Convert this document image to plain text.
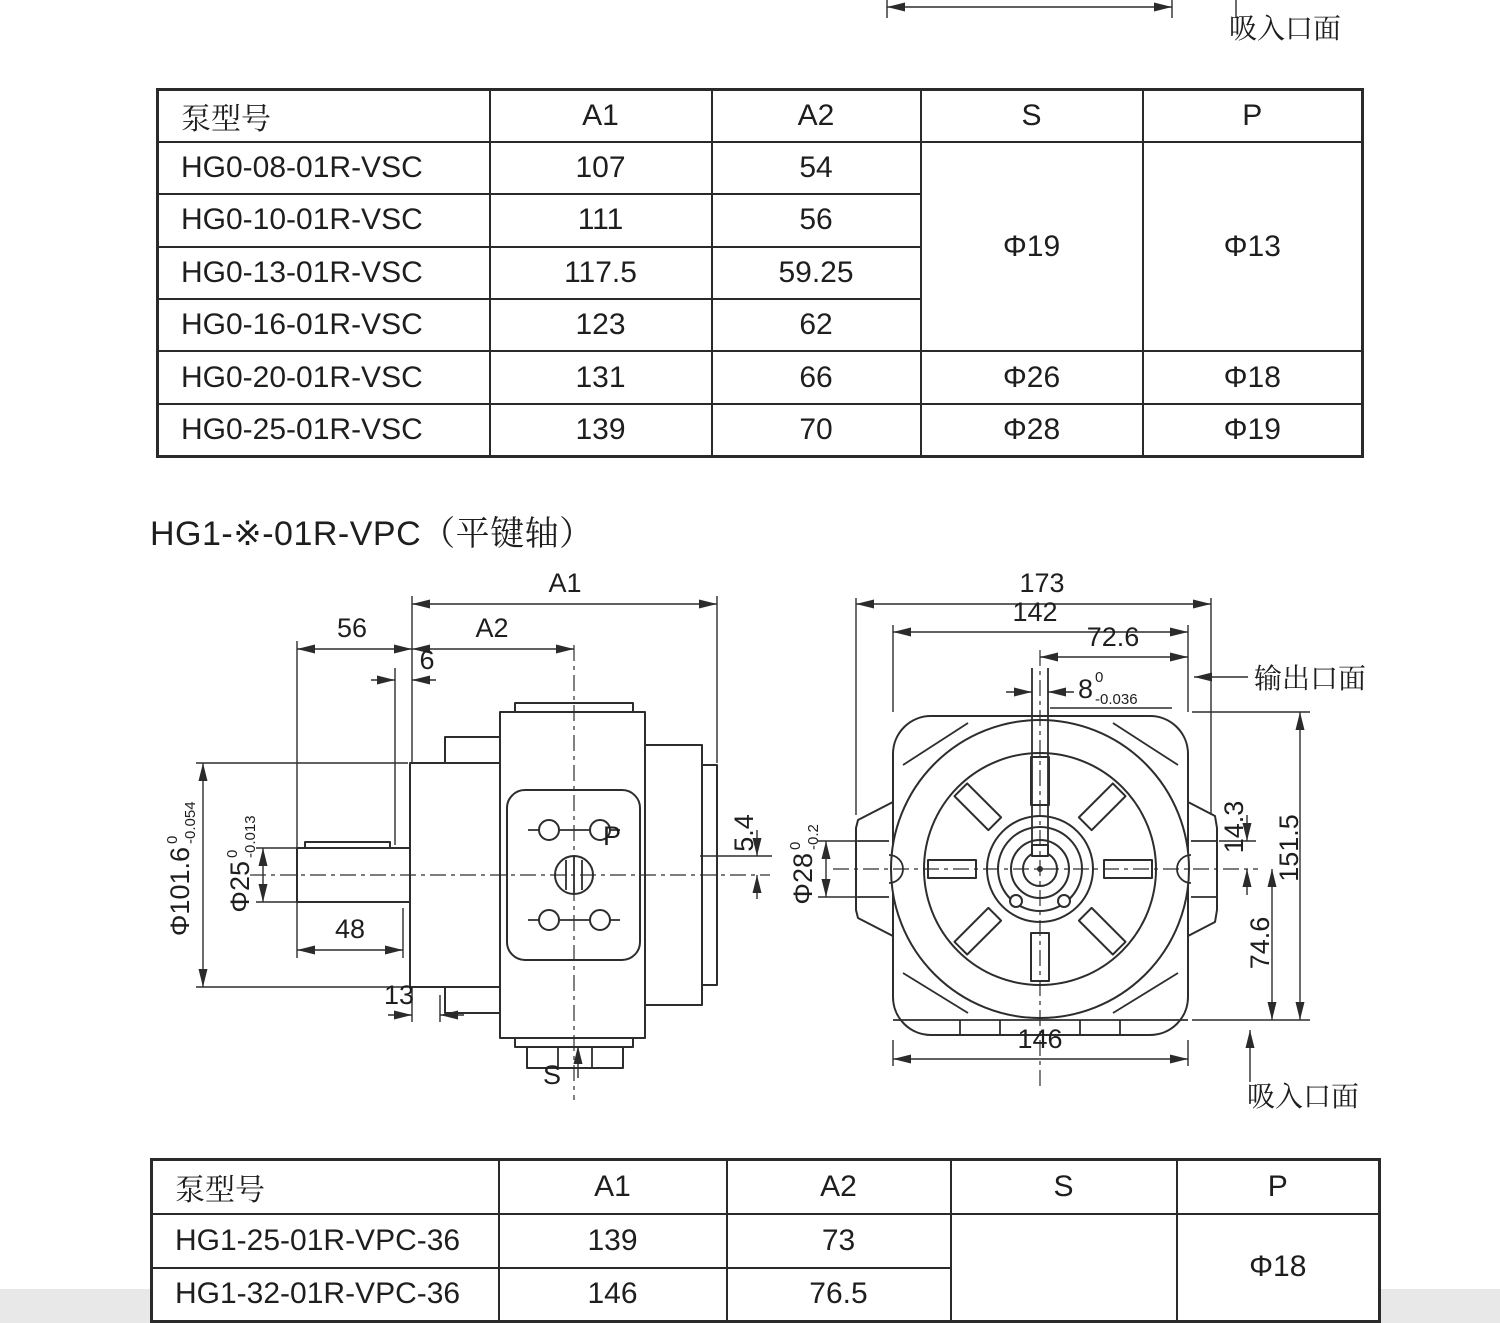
吸入口面
A1
56	A2
6
Φ101.6
0 -0.054
Φ25
0 -0.013
48
13
5.4
P
S
173
142
72.6
8 0
-0.036
输出口面
Φ28
0 -0.2	14.3
74.6
151.5
146
吸入口面
泵型号	A1	A2	S	P
HG0-08-01R-VSC	107	54	Φ19	Φ13
HG0-10-01R-VSC	111	56		
HG0-13-01R-VSC	117.5	59.25		
HG0-16-01R-VSC	123	62		
HG0-20-01R-VSC	131	66	Φ26	Φ18
HG0-25-01R-VSC	139	70	Φ28	Φ19
HG1-※-01R-VPC（平键轴）
泵型号	A1	A2	S	P
HG1-25-01R-VPC-36	139	73		Φ18
HG1-32-01R-VPC-36	146	76.5		
